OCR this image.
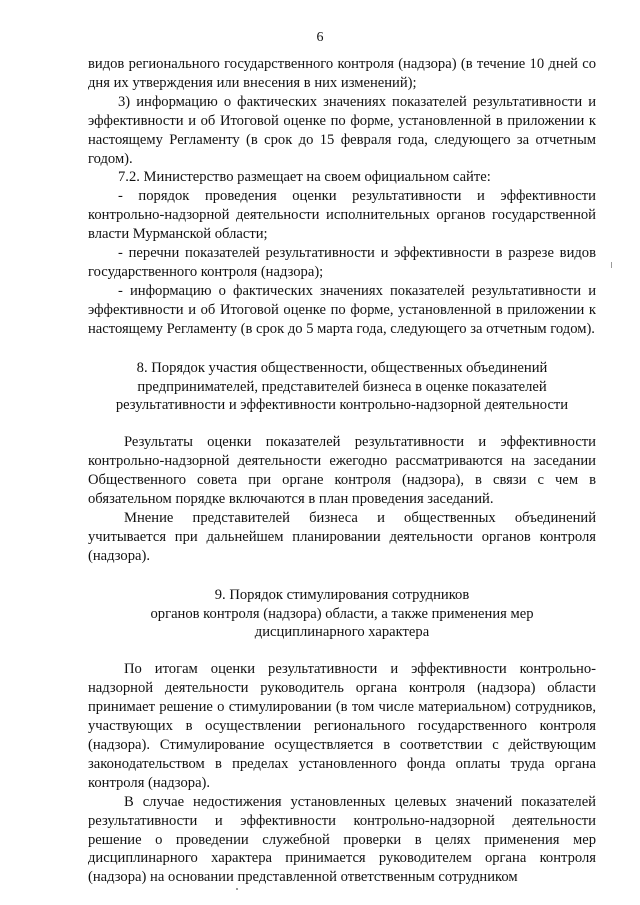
6

видов регионального государственного контроля (надзора) (в течение 10 дней со дня их утверждения или внесения в них изменений);

3) информацию о фактических значениях показателей результативности и эффективности и об Итоговой оценке по форме, установленной в приложении к настоящему Регламенту (в срок до 15 февраля года, следующего за отчетным годом).

7.2. Министерство размещает на своем официальном сайте:

- порядок проведения оценки результативности и эффективности контрольно-надзорной деятельности исполнительных органов государственной власти Мурманской области;

- перечни показателей результативности и эффективности в разрезе видов государственного контроля (надзора);

- информацию о фактических значениях показателей результативности и эффективности и об Итоговой оценке по форме, установленной в приложении к настоящему Регламенту (в срок до 5 марта года, следующего за отчетным годом).

8. Порядок участия общественности, общественных объединений

предпринимателей, представителей бизнеса в оценке показателей

результативности и эффективности контрольно-надзорной деятельности

Результаты оценки показателей результативности и эффективности контрольно-надзорной деятельности ежегодно рассматриваются на заседании Общественного совета при органе контроля (надзора), в связи с чем в обязательном порядке включаются в план проведения заседаний.

Мнение представителей бизнеса и общественных объединений учитывается при дальнейшем планировании деятельности органов контроля (надзора).

9. Порядок стимулирования сотрудников

органов контроля (надзора) области, а также применения мер

дисциплинарного характера

По итогам оценки результативности и эффективности контрольно-надзорной деятельности руководитель органа контроля (надзора) области принимает решение о стимулировании (в том числе материальном) сотрудников, участвующих в осуществлении регионального государственного контроля (надзора). Стимулирование осуществляется в соответствии с действующим законодательством в пределах установленного фонда оплаты труда органа контроля (надзора).

В случае недостижения установленных целевых значений показателей результативности и эффективности контрольно-надзорной деятельности решение о проведении служебной проверки в целях применения мер дисциплинарного характера принимается руководителем органа контроля (надзора) на основании представленной ответственным сотрудником
